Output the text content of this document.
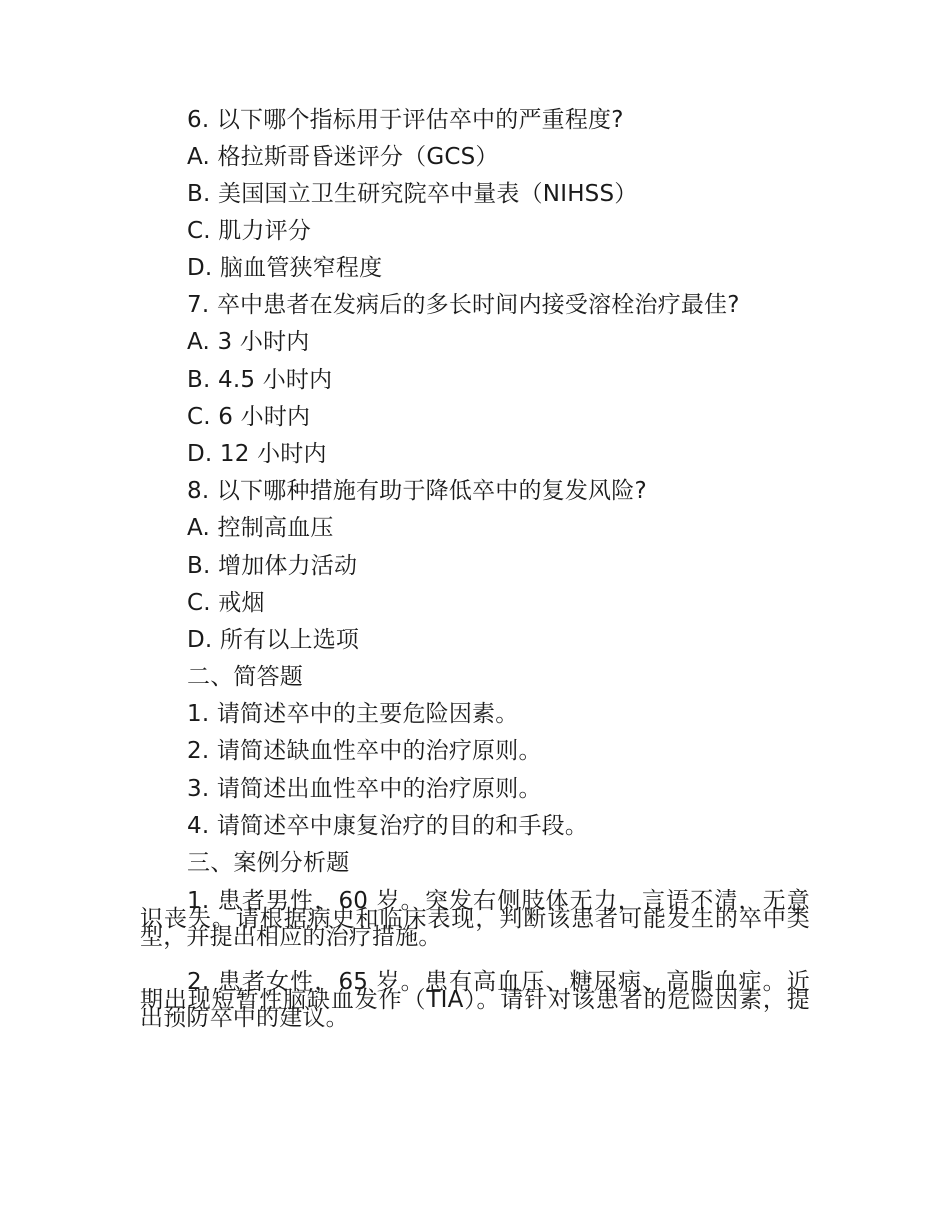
6. 以下哪个指标用于评估卒中的严重程度?
A. 格拉斯哥昏迷评分（GCS）
B. 美国国立卫生研究院卒中量表（NIHSS）
C. 肌力评分
D. 脑血管狭窄程度
7. 卒中患者在发病后的多长时间内接受溶栓治疗最佳?
A. 3 小时内
B. 4.5 小时内
C. 6 小时内
D. 12 小时内
8. 以下哪种措施有助于降低卒中的复发风险?
A. 控制高血压
B. 增加体力活动
C. 戒烟
D. 所有以上选项
二、简答题
1. 请简述卒中的主要危险因素。
2. 请简述缺血性卒中的治疗原则。
3. 请简述出血性卒中的治疗原则。
4. 请简述卒中康复治疗的目的和手段。
三、案例分析题
1. 患者男性，60 岁。突发右侧肢体无力，言语不清，无意识丧失。请根据病史和临床表现，判断该患者可能发生的卒中类型，并提出相应的治疗措施。
2. 患者女性，65 岁。患有高血压、糖尿病、高脂血症。近期出现短暂性脑缺血发作（TIA）。请针对该患者的危险因素，提出预防卒中的建议。
